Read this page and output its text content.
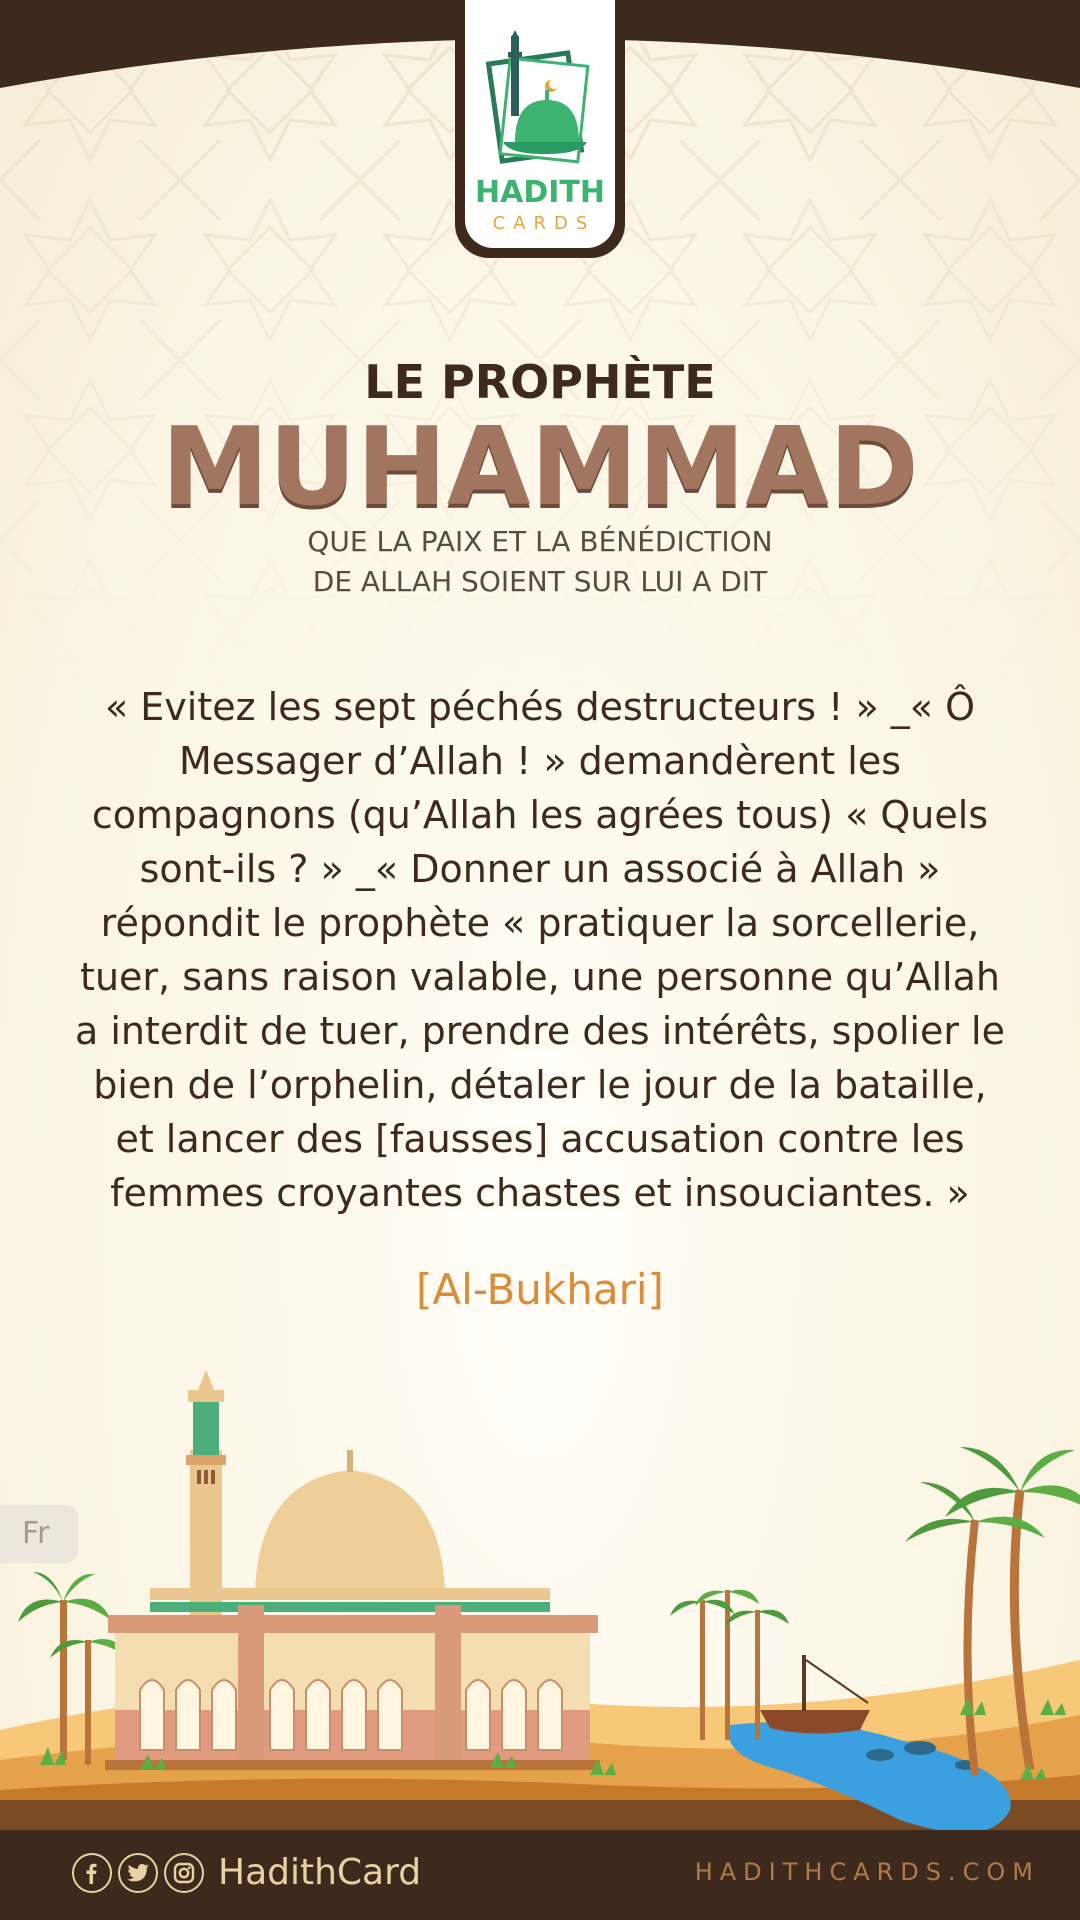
HADITH
CARDS
LE PROPHÈTE
MUHAMMAD
QUE LA PAIX ET LA BÉNÉDICTION
DE ALLAH SOIENT SUR LUI A DIT
« Evitez les sept péchés destructeurs ! » _« Ô Messager d’Allah ! » demandèrent les compagnons (qu’Allah les agrées tous) « Quels sont-ils ? » _« Donner un associé à Allah » répondit le prophète « pratiquer la sorcellerie, tuer, sans raison valable, une personne qu’Allah a interdit de tuer, prendre des intérêts, spolier le bien de l’orphelin, détaler le jour de la bataille, et lancer des [fausses] accusation contre les femmes croyantes chastes et insouciantes. »
[Al-Bukhari]
Fr
HadithCard	HADITHCARDS.COM
